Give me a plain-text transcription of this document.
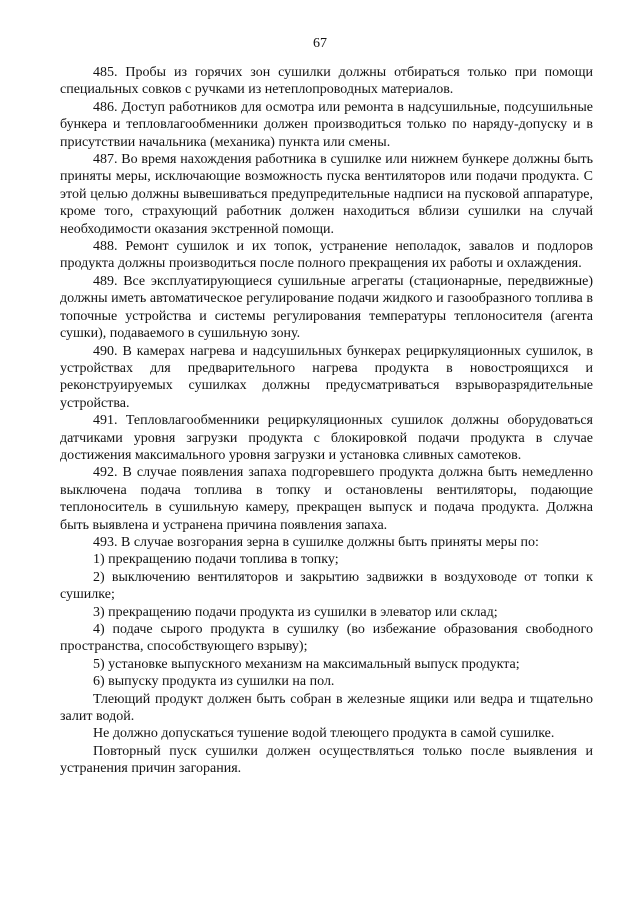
67

485. Пробы из горячих зон сушилки должны отбираться только при помощи специальных совков с ручками из нетеплопроводных материалов.

486. Доступ работников для осмотра или ремонта в надсушильные, подсушильные бункера и тепловлагообменники должен производиться только по наряду-допуску и в присутствии начальника (механика) пункта или смены.

487. Во время нахождения работника в сушилке или нижнем бункере должны быть приняты меры, исключающие возможность пуска вентиляторов или подачи продукта. С этой целью должны вывешиваться предупредительные надписи на пусковой аппаратуре, кроме того, страхующий работник должен находиться вблизи сушилки на случай необходимости оказания экстренной помощи.

488. Ремонт сушилок и их топок, устранение неполадок, завалов и подлоров продукта должны производиться после полного прекращения их работы и охлаждения.

489. Все эксплуатирующиеся сушильные агрегаты (стационарные, передвижные) должны иметь автоматическое регулирование подачи жидкого и газообразного топлива в топочные устройства и системы регулирования температуры теплоносителя (агента сушки), подаваемого в сушильную зону.

490. В камерах нагрева и надсушильных бункерах рециркуляционных сушилок, в устройствах для предварительного нагрева продукта в новостроящихся и реконструируемых сушилках должны предусматриваться взрыворазрядительные устройства.

491. Тепловлагообменники рециркуляционных сушилок должны оборудоваться датчиками уровня загрузки продукта с блокировкой подачи продукта в случае достижения максимального уровня загрузки и установка сливных самотеков.

492. В случае появления запаха подгоревшего продукта должна быть немедленно выключена подача топлива в топку и остановлены вентиляторы, подающие теплоноситель в сушильную камеру, прекращен выпуск и подача продукта. Должна быть выявлена и устранена причина появления запаха.

493. В случае возгорания зерна в сушилке должны быть приняты меры по:

1) прекращению подачи топлива в топку;

2) выключению вентиляторов и закрытию задвижки в воздуховоде от топки к сушилке;

3) прекращению подачи продукта из сушилки в элеватор или склад;

4) подаче сырого продукта в сушилку (во избежание образования свободного пространства, способствующего взрыву);

5) установке выпускного механизм на максимальный выпуск продукта;

6) выпуску продукта из сушилки на пол.

Тлеющий продукт должен быть собран в железные ящики или ведра и тщательно залит водой.

Не должно допускаться тушение водой тлеющего продукта в самой сушилке.

Повторный пуск сушилки должен осуществляться только после выявления и устранения причин загорания.
